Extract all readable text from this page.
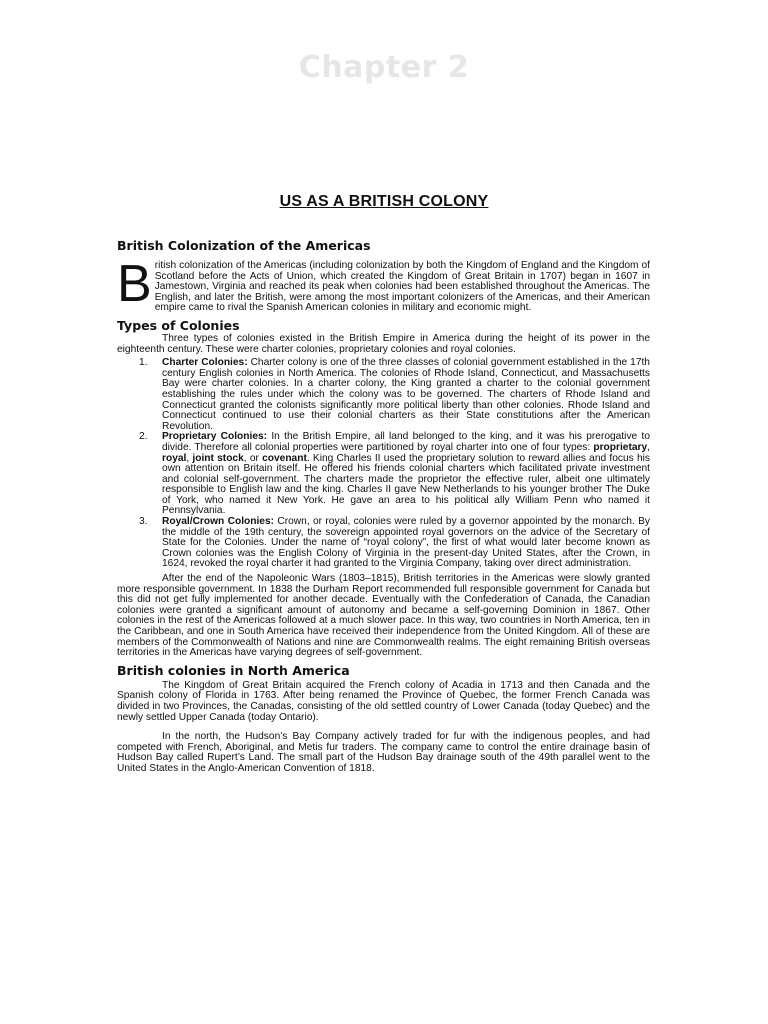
Chapter 2
US AS A BRITISH COLONY
British Colonization of the Americas

British colonization of the Americas (including colonization by both the Kingdom of England and the Kingdom of Scotland before the Acts of Union, which created the Kingdom of Great Britain in 1707) began in 1607 in Jamestown, Virginia and reached its peak when colonies had been established throughout the Americas. The English, and later the British, were among the most important colonizers of the Americas, and their American empire came to rival the Spanish American colonies in military and economic might.

Types of Colonies

Three types of colonies existed in the British Empire in America during the height of its power in the eighteenth century. These were charter colonies, proprietary colonies and royal colonies.

1.	Charter Colonies: Charter colony is one of the three classes of colonial government established in the 17th century English colonies in North America. The colonies of Rhode Island, Connecticut, and Massachusetts Bay were charter colonies. In a charter colony, the King granted a charter to the colonial government establishing the rules under which the colony was to be governed. The charters of Rhode Island and Connecticut granted the colonists significantly more political liberty than other colonies. Rhode Island and Connecticut continued to use their colonial charters as their State constitutions after the American Revolution.
2.	Proprietary Colonies: In the British Empire, all land belonged to the king, and it was his prerogative to divide. Therefore all colonial properties were partitioned by royal charter into one of four types: proprietary, royal, joint stock, or covenant. King Charles II used the proprietary solution to reward allies and focus his own attention on Britain itself. He offered his friends colonial charters which facilitated private investment and colonial self-government. The charters made the proprietor the effective ruler, albeit one ultimately responsible to English law and the king. Charles II gave New Netherlands to his younger brother The Duke of York, who named it New York. He gave an area to his political ally William Penn who named it Pennsylvania.
3.	Royal/Crown Colonies: Crown, or royal, colonies were ruled by a governor appointed by the monarch. By the middle of the 19th century, the sovereign appointed royal governors on the advice of the Secretary of State for the Colonies. Under the name of “royal colony”, the first of what would later become known as Crown colonies was the English Colony of Virginia in the present-day United States, after the Crown, in 1624, revoked the royal charter it had granted to the Virginia Company, taking over direct administration.

After the end of the Napoleonic Wars (1803–1815), British territories in the Americas were slowly granted more responsible government. In 1838 the Durham Report recommended full responsible government for Canada but this did not get fully implemented for another decade. Eventually with the Confederation of Canada, the Canadian colonies were granted a significant amount of autonomy and became a self-governing Dominion in 1867. Other colonies in the rest of the Americas followed at a much slower pace. In this way, two countries in North America, ten in the Caribbean, and one in South America have received their independence from the United Kingdom. All of these are members of the Commonwealth of Nations and nine are Commonwealth realms. The eight remaining British overseas territories in the Americas have varying degrees of self-government.

British colonies in North America

The Kingdom of Great Britain acquired the French colony of Acadia in 1713 and then Canada and the Spanish colony of Florida in 1763. After being renamed the Province of Quebec, the former French Canada was divided in two Provinces, the Canadas, consisting of the old settled country of Lower Canada (today Quebec) and the newly settled Upper Canada (today Ontario).

In the north, the Hudson’s Bay Company actively traded for fur with the indigenous peoples, and had competed with French, Aboriginal, and Metis fur traders. The company came to control the entire drainage basin of Hudson Bay called Rupert’s Land. The small part of the Hudson Bay drainage south of the 49th parallel went to the United States in the Anglo-American Convention of 1818.
